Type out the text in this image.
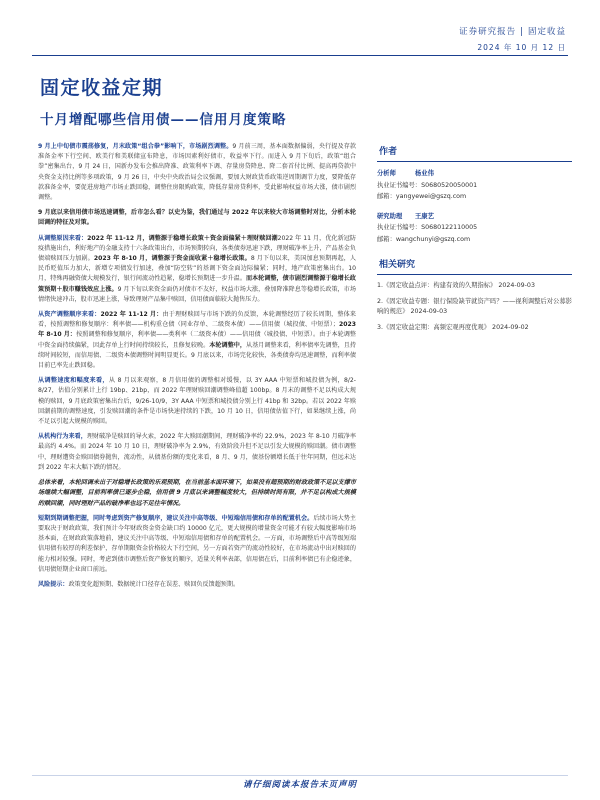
证券研究报告 | 固定收益
2024 年 10 月 12 日
固定收益定期
十月增配哪些信用债——信用月度策略
9 月上中旬债市震荡修复，月末政策“组合拳”影响下，市场剧烈调整。9 月前三周，基本面数据偏弱，央行提及存款准备金率下行空间、欧美行和美联储宣布降息，市场因素利好债市，收益率下行。而进入 9 月下旬后，政策“组合拳”密集出台，9 月 24 日，国新办发布会推出降准、政策利率下调、存量房贷降息、降二套首付比例、提高再贷款中央资金支持比例等多项政策，9 月 26 日，中央中央政治局会议强调，要加大财政货币政策逆周期调节力度，要降低存款准备金率，要促进房地产市场止跌回稳，调整住房限购政策，降低存量房贷利率，受此影响权益市场大涨，债市剧烈调整。
9 月底以来信用债市场迅速调整，后市怎么看？以史为鉴，我们通过与 2022 年以来较大市场调整时对比，分析本轮回调的特征及对策。
从调整原因来看：2022 年 11-12 月，调整源于稳增长政策＋资金面偏紧＋理财赎回潮2022 年 11 月，优化新冠防疫措施出台，利好地产的金融支持十六条政策出台，市场预期转向，各类债券迅速下跌，理财破净率上升，产品基金负债端赎回压力加剧。2023 年 8-10 月，调整源于资金面收紧＋稳增长政策。8 月下旬以来，美国加息预期再起，人民币贬值压力加大，新增专项债发行加速，叠加“防空转”的基调下资金面边际偏紧；同时，地产政策密集出台。10 月，特殊再融资债大规模发行，银行间流动性趋紧，稳增长预期进一步升温。而本轮调整，债市剧烈调整源于稳增长政策预期＋股市赚钱效应上涨。9 月下旬以来资金面仍对债市不友好，权益市场大涨，叠加降准降息等稳增长政策，市场情绪快速冲击，股市迅速上涨，导致理财产品集中赎回，信用债面临较大抛售压力。
从资产调整顺序来看：2022 年 11-12 月：由于理财赎回与市场下跌的负反馈，本轮调整经历了较长周期，整体来看，按照调整和修复顺序：利率债——机构重仓债（同业存单、二级资本债）——信用债（城投债、中短票）；2023 年 8-10 月：按照调整和修复顺序，利率债——类利率（二级资本债）——信用债（城投债、中短票）。由于本轮调整中资金面持续偏紧，因此存单上行时间持续较长，且修复较晚。本轮调整中，从基月调整来看，利率债率先调整，且持续时间较短，而信用债、二级资本债调整时间明显更长。9 月底以来，市场完化较快，各类债券均迅速调整，而利率债目前已率先止跌回稳。
从调整速度和幅度来看，从 8 月以来观察，8 月信用债的调整相对缓慢，以 3Y AAA 中短票和城投债为例，8/2-8/27，估值分别累计上行 19bp、21bp，而 2022 年理财赎回潮调整峰值超 100bp。8 月末的调整不足以构成大规模的赎回，9 月底政策密集出台后，9/26-10/9，3Y AAA 中短票和城投债分别上行 41bp 和 32bp。若以 2022 年赎回潮前期的调整速度，引发赎回潮的条件是市场快速持续的下跌，10 月 10 日，信用债估值下行，如果继续上涨，尚不足以引起大规模的赎回。
从机构行为来看，理财破净是赎回的导火索，2022 年大赎回潮期间，理财破净率约 22.9%，2023 年 8-10 月破净率最高约 4.4%。而 2024 年 10 月 10 日，理财破净率为 2.9%，有效阶段升但不足以引发大规模的赎回潮。债市调整中，理财遭资金赎回债券抛售，流动性，从债基份额的变化来看，8 月、9 月，债基份额增长低于往年同期，但远未达到 2022 年末大幅下跌的情况。
总体来看，本轮回调未出于对稳增长政策的乐观预期，在当前基本面环境下，如果没有超预期的财政政策不足以支撑市场继续大幅调整，目前利率债已逐步企稳，信用债 9 月底以来调整幅度较大，但持续时间有限，并不足以构成大规模的赎回潮，同时理财产品的破净率也远不足往年情况。
短期到期调整把握，同时考虑到资产修复顺序，建议关注中高等级、中短端信用债和存单的配置机会。后续市场大势主要取决于财政政策，我们预计今年财政资金资金缺口约 10000 亿元，更大规模的增量资金可能才有较大幅度影响市场基本面，在财政政策落地前，建议关注中高等级、中短端信用债和存单的配置机会。一方面，市场调整后中高等级短端信用债有较厚的利差保护，存单期限资金价格较大下行空间，另一方面若资产的流动性较好，在市场流动中出对赎回的能力相对较强。同时，考虑到债市调整后资产修复的顺序，适量关利率表部，信用债在后，目前利率债已有企稳迹象，信用债短期企业窗口前远。
风险提示：政策变化超预期、数据统计口径存在误差、赎回负反馈超预期。
作者
分析师	杨业伟
执业证书编号：S0680520050001
邮箱：yangyewei@gszq.com
研究助理	王康艺
执业证书编号：S0680122110005
邮箱：wangchunyi@gszq.com
相关研究
1.《固定收益点评：构建有效的久期指标》 2024-09-03
2.《固定收益专题：银行保险缺节就资产吗？——视利调整后对公募影响的规范》 2024-09-03
3.《固定收益定期：高频宏观再度优观》 2024-09-02
请仔细阅读本报告末页声明
